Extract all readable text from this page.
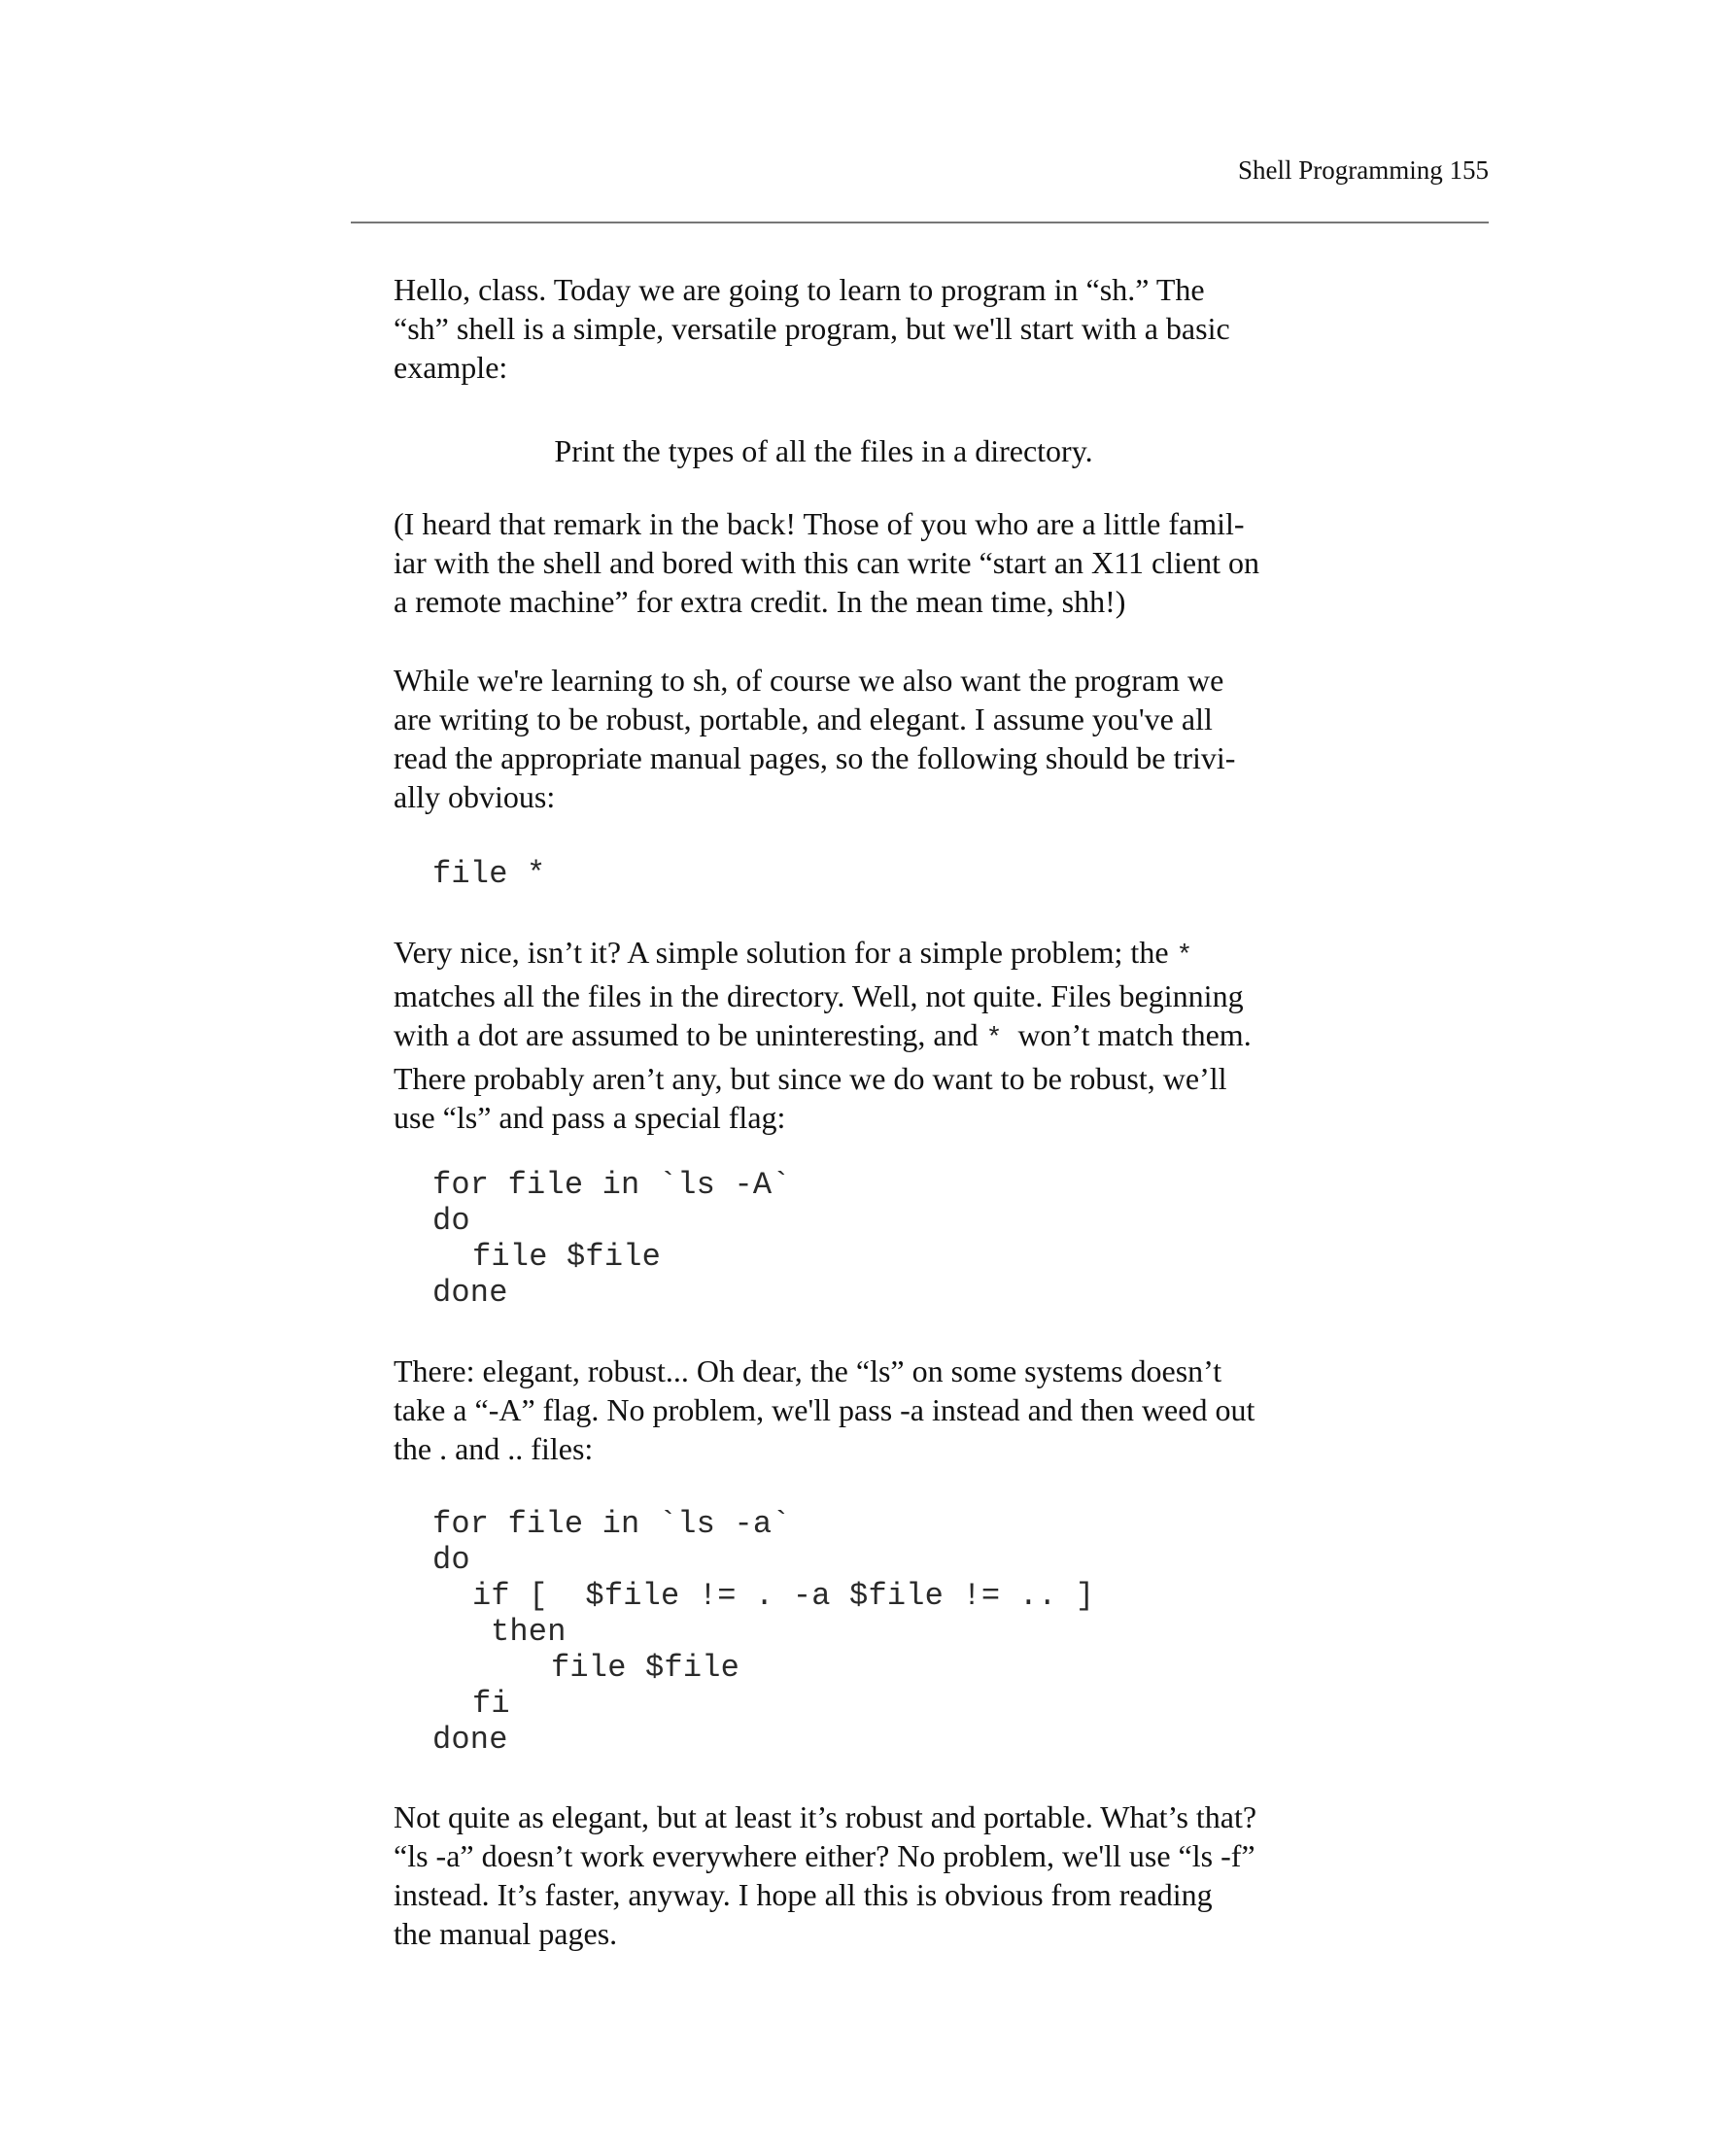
Shell Programming 155

Hello, class. Today we are going to learn to program in “sh.” The
“sh” shell is a simple, versatile program, but we'll start with a basic
example:

Print the types of all the files in a directory.

(I heard that remark in the back! Those of you who are a little famil-
iar with the shell and bored with this can write “start an X11 client on
a remote machine” for extra credit. In the mean time, shh!)

While we're learning to sh, of course we also want the program we
are writing to be robust, portable, and elegant. I assume you've all
read the appropriate manual pages, so the following should be trivi-
ally obvious:

file *

Very nice, isn’t it? A simple solution for a simple problem; the *
matches all the files in the directory. Well, not quite. Files beginning
with a dot are assumed to be uninteresting, and * won’t match them.
There probably aren’t any, but since we do want to be robust, we’ll
use “ls” and pass a special flag:

for file in `ls -A`
do
file $file
done

There: elegant, robust... Oh dear, the “ls” on some systems doesn’t
take a “-A” flag. No problem, we'll pass -a instead and then weed out
the . and .. files:

for file in `ls -a`
do
if [  $file != . -a $file != .. ]
then
file $file
fi
done

Not quite as elegant, but at least it’s robust and portable. What’s that?
“ls -a” doesn’t work everywhere either? No problem, we'll use “ls -f”
instead. It’s faster, anyway. I hope all this is obvious from reading
the manual pages.
